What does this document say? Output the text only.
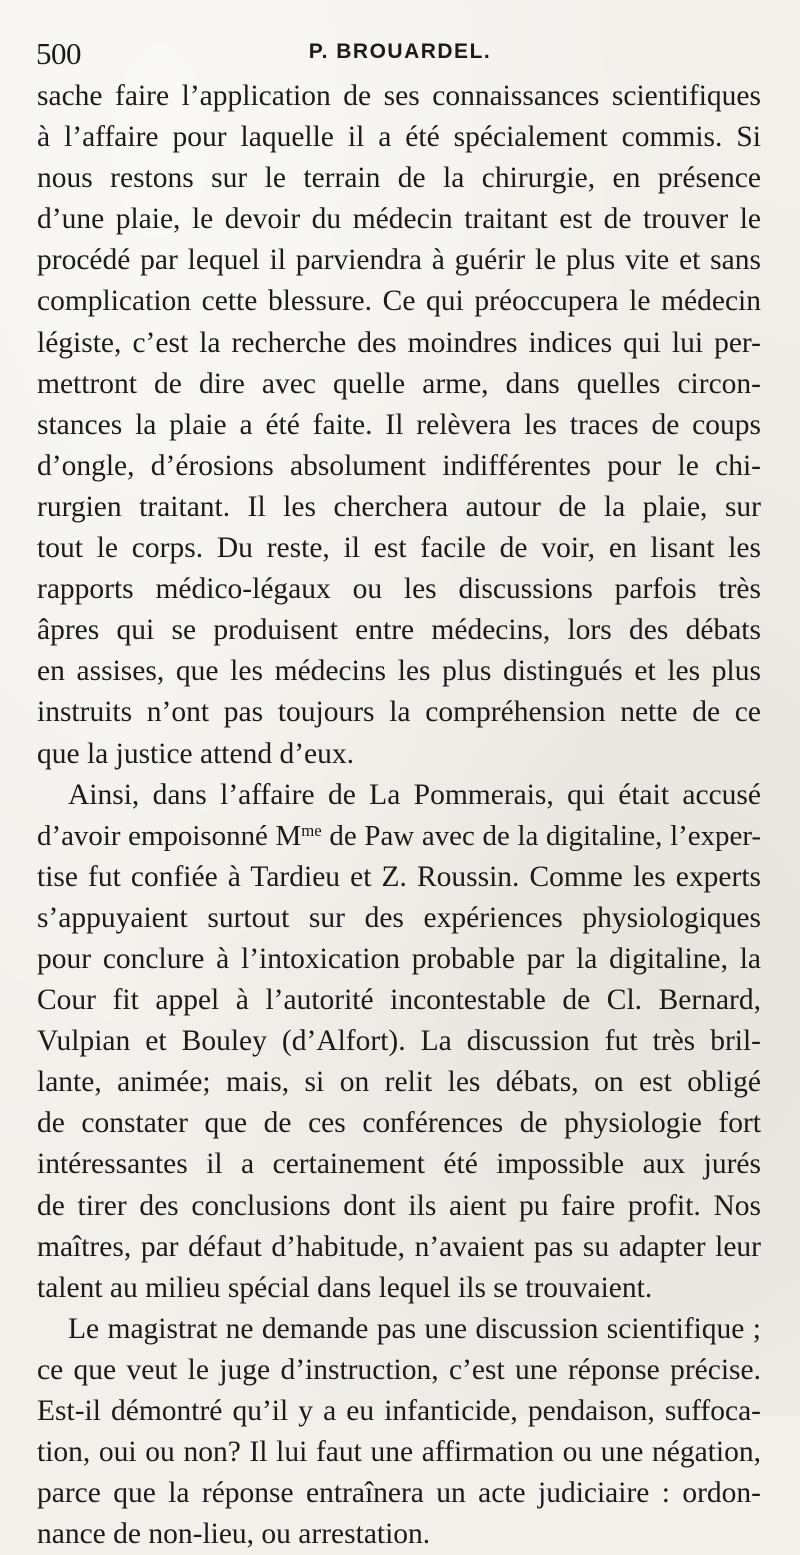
500	P. BROUARDEL.
sache faire l’application de ses connaissances scientifiques
à l’affaire pour laquelle il a été spécialement commis. Si
nous restons sur le terrain de la chirurgie, en présence
d’une plaie, le devoir du médecin traitant est de trouver le
procédé par lequel il parviendra à guérir le plus vite et sans
complication cette blessure. Ce qui préoccupera le médecin
légiste, c’est la recherche des moindres indices qui lui per-
mettront de dire avec quelle arme, dans quelles circon-
stances la plaie a été faite. Il relèvera les traces de coups
d’ongle, d’érosions absolument indifférentes pour le chi-
rurgien traitant. Il les cherchera autour de la plaie, sur
tout le corps. Du reste, il est facile de voir, en lisant les
rapports médico-légaux ou les discussions parfois très
âpres qui se produisent entre médecins, lors des débats
en assises, que les médecins les plus distingués et les plus
instruits n’ont pas toujours la compréhension nette de ce
que la justice attend d’eux.
Ainsi, dans l’affaire de La Pommerais, qui était accusé
d’avoir empoisonné $M^{me}$ de Paw avec de la digitaline, l’exper-
tise fut confiée à Tardieu et Z. Roussin. Comme les experts
s’appuyaient surtout sur des expériences physiologiques
pour conclure à l’intoxication probable par la digitaline, la
Cour fit appel à l’autorité incontestable de Cl. Bernard,
Vulpian et Bouley (d’Alfort). La discussion fut très bril-
lante, animée; mais, si on relit les débats, on est obligé
de constater que de ces conférences de physiologie fort
intéressantes il a certainement été impossible aux jurés
de tirer des conclusions dont ils aient pu faire profit. Nos
maîtres, par défaut d’habitude, n’avaient pas su adapter leur
talent au milieu spécial dans lequel ils se trouvaient.
Le magistrat ne demande pas une discussion scientifique ;
ce que veut le juge d’instruction, c’est une réponse précise.
Est-il démontré qu’il y a eu infanticide, pendaison, suffoca-
tion, oui ou non? Il lui faut une affirmation ou une négation,
parce que la réponse entraînera un acte judiciaire : ordon-
nance de non-lieu, ou arrestation.
